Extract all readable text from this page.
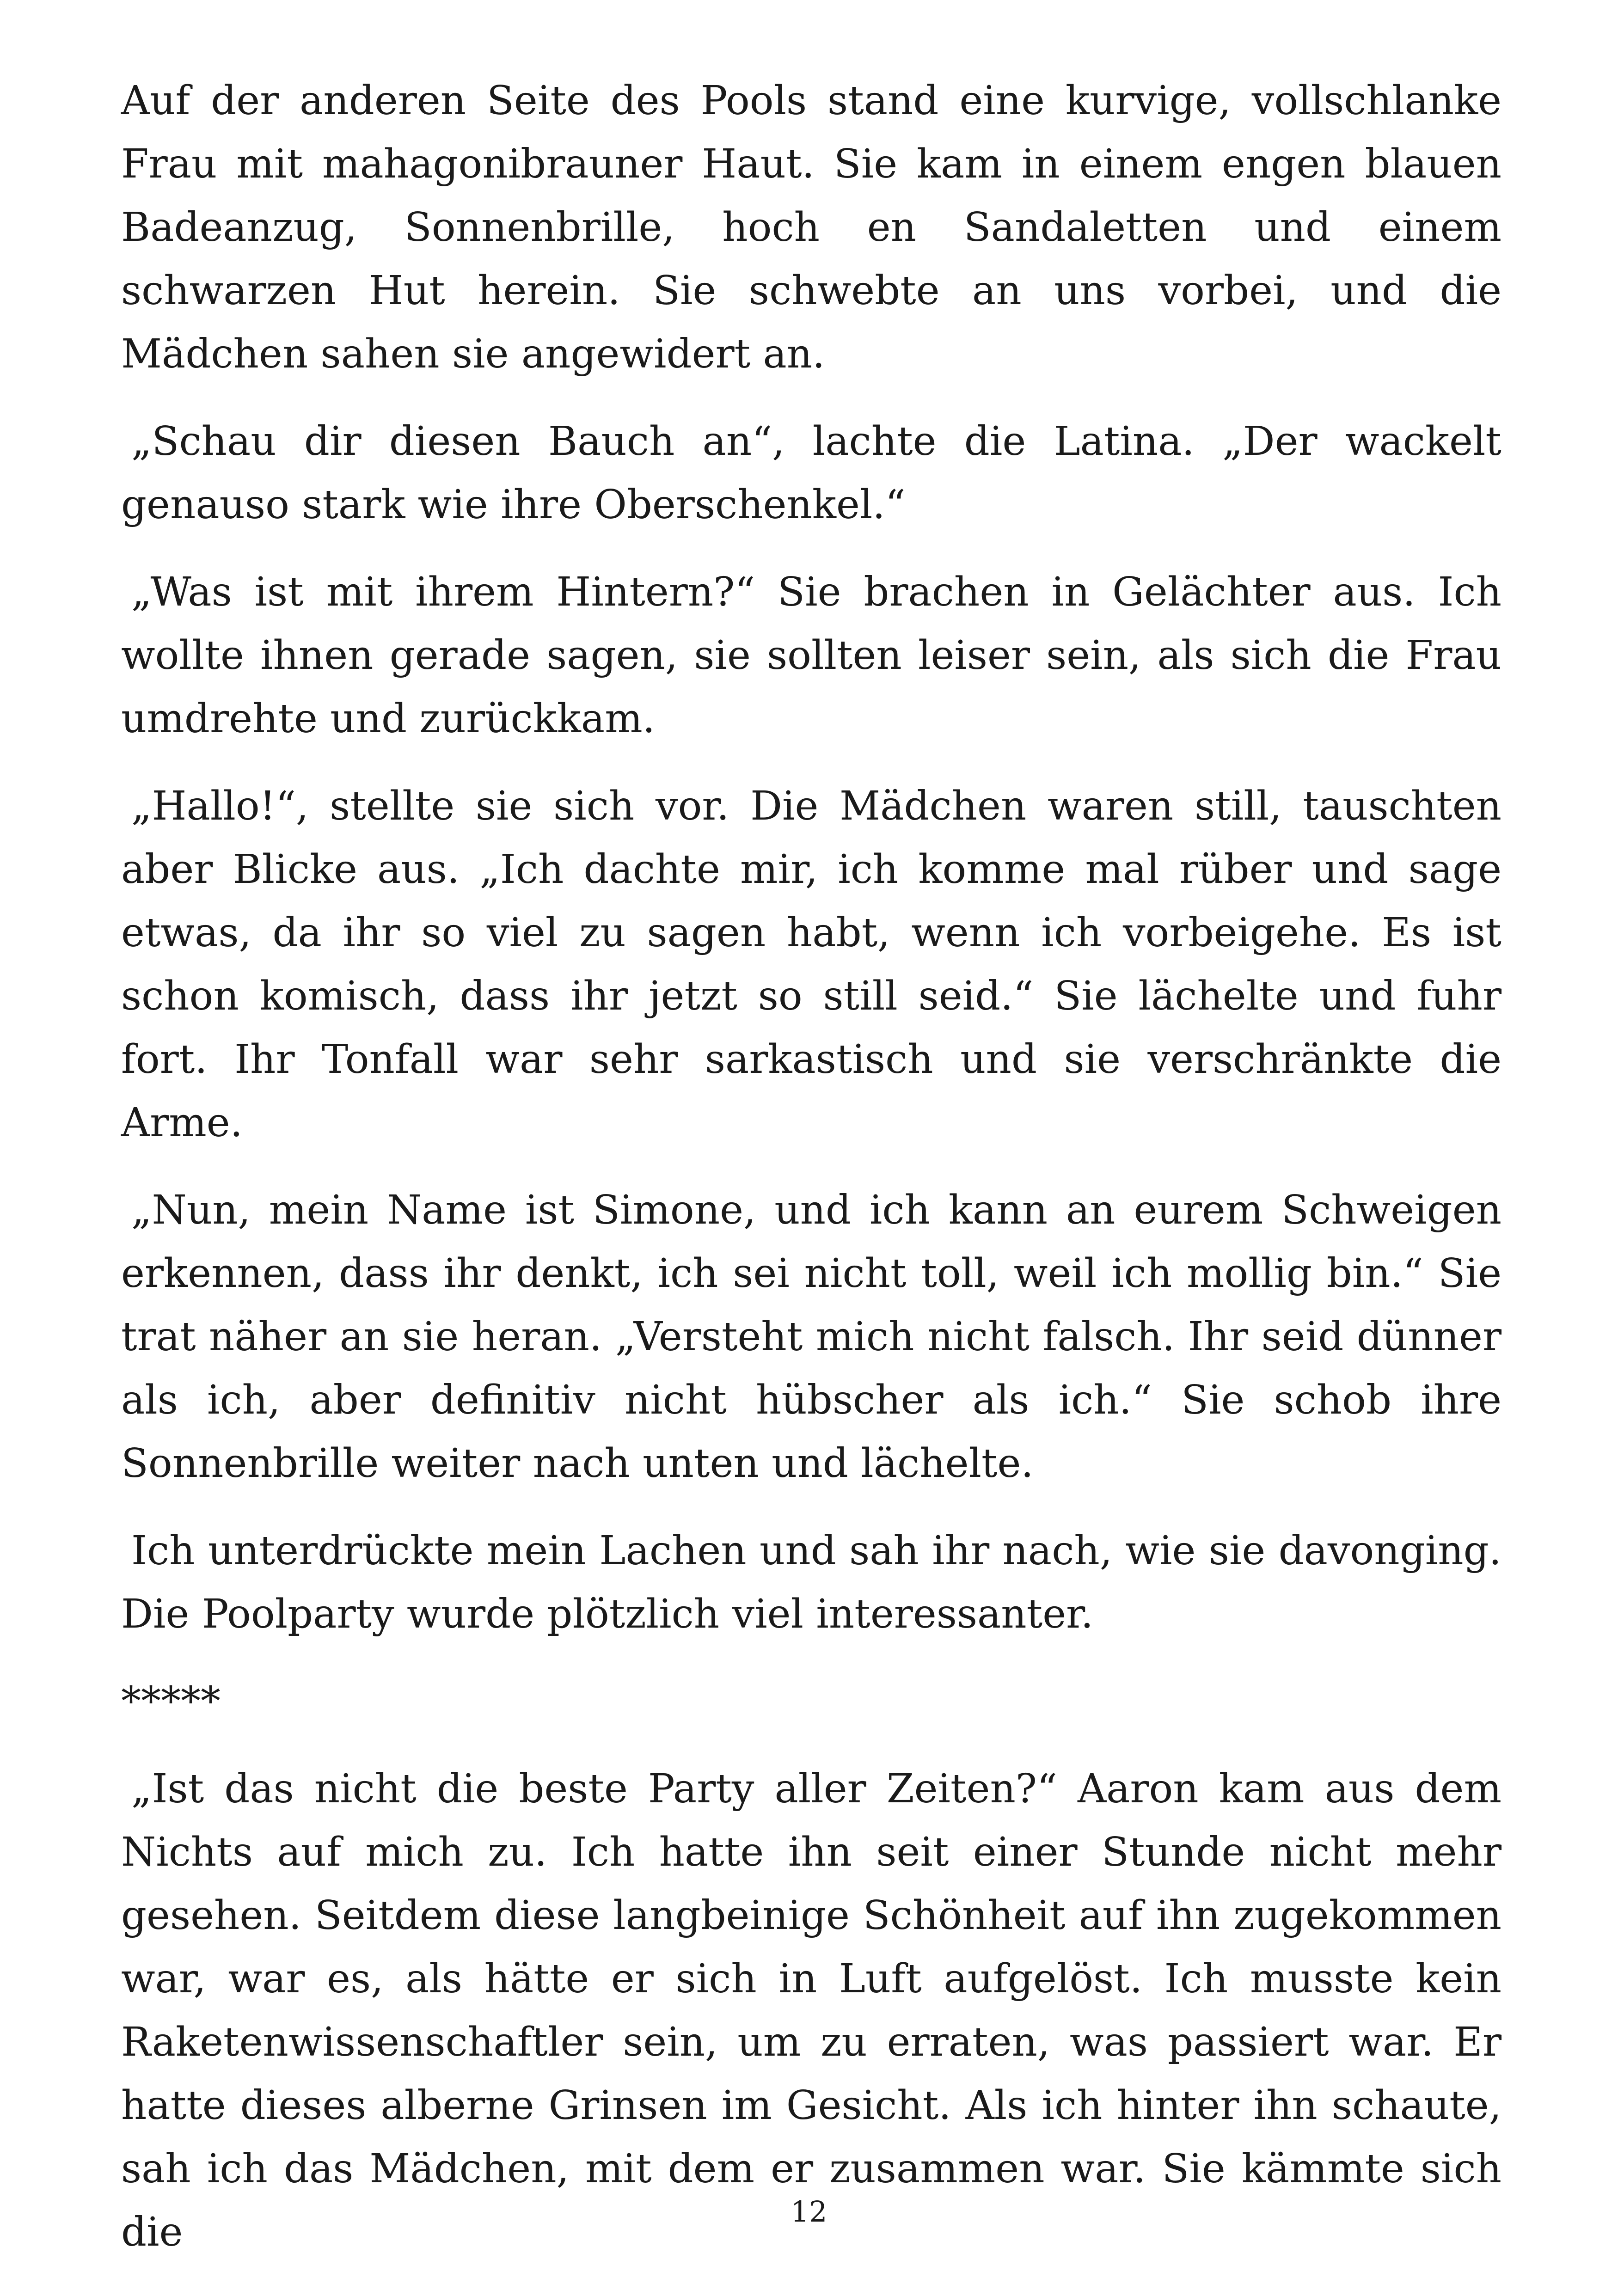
Auf der anderen Seite des Pools stand eine kurvige, vollschlanke Frau mit mahagonibrauner Haut. Sie kam in einem engen blauen Badeanzug, Sonnenbrille, hoch en Sandaletten und einem schwarzen Hut herein. Sie schwebte an uns vorbei, und die Mädchen sahen sie angewidert an.

„Schau dir diesen Bauch an“, lachte die Latina. „Der wackelt genauso stark wie ihre Oberschenkel.“

„Was ist mit ihrem Hintern?“ Sie brachen in Gelächter aus. Ich wollte ihnen gerade sagen, sie sollten leiser sein, als sich die Frau umdrehte und zurückkam.

„Hallo!“, stellte sie sich vor. Die Mädchen waren still, tauschten aber Blicke aus. „Ich dachte mir, ich komme mal rüber und sage etwas, da ihr so viel zu sagen habt, wenn ich vorbeigehe. Es ist schon komisch, dass ihr jetzt so still seid.“ Sie lächelte und fuhr fort. Ihr Tonfall war sehr sarkastisch und sie verschränkte die Arme.

„Nun, mein Name ist Simone, und ich kann an eurem Schweigen erkennen, dass ihr denkt, ich sei nicht toll, weil ich mollig bin.“ Sie trat näher an sie heran. „Versteht mich nicht falsch. Ihr seid dünner als ich, aber definitiv nicht hübscher als ich.“ Sie schob ihre Sonnenbrille weiter nach unten und lächelte.

Ich unterdrückte mein Lachen und sah ihr nach, wie sie davonging. Die Poolparty wurde plötzlich viel interessanter.

*****

„Ist das nicht die beste Party aller Zeiten?“ Aaron kam aus dem Nichts auf mich zu. Ich hatte ihn seit einer Stunde nicht mehr gesehen. Seitdem diese langbeinige Schönheit auf ihn zugekommen war, war es, als hätte er sich in Luft aufgelöst. Ich musste kein Raketenwissenschaftler sein, um zu erraten, was passiert war. Er hatte dieses alberne Grinsen im Gesicht. Als ich hinter ihn schaute, sah ich das Mädchen, mit dem er zusammen war. Sie kämmte sich die	12
